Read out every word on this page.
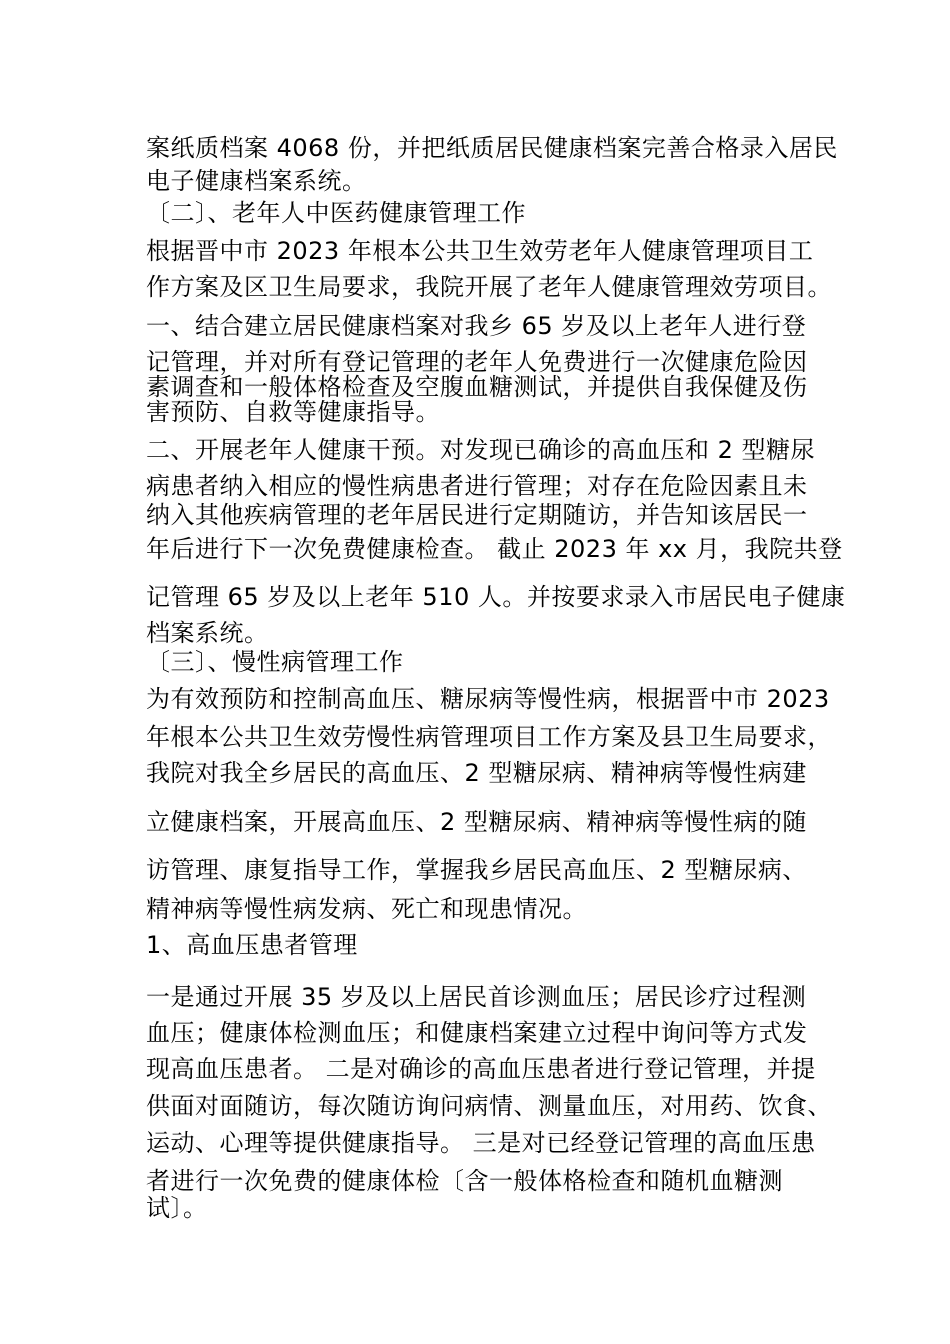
案纸质档案 4068 份，并把纸质居民健康档案完善合格录入居民
电子健康档案系统。
〔二〕、老年人中医药健康管理工作
根据晋中市 2023 年根本公共卫生效劳老年人健康管理项目工
作方案及区卫生局要求，我院开展了老年人健康管理效劳项目。
一、结合建立居民健康档案对我乡 65 岁及以上老年人进行登
记管理，并对所有登记管理的老年人免费进行一次健康危险因
素调查和一般体格检查及空腹血糖测试，并提供自我保健及伤
害预防、自救等健康指导。
二、开展老年人健康干预。对发现已确诊的高血压和 2 型糖尿
病患者纳入相应的慢性病患者进行管理；对存在危险因素且未
纳入其他疾病管理的老年居民进行定期随访，并告知该居民一
年后进行下一次免费健康检查。 截止 2023 年 xx 月，我院共登
记管理 65 岁及以上老年 510 人。并按要求录入市居民电子健康
档案系统。
〔三〕、慢性病管理工作
为有效预防和控制高血压、糖尿病等慢性病，根据晋中市 2023
年根本公共卫生效劳慢性病管理项目工作方案及县卫生局要求，
我院对我全乡居民的高血压、2 型糖尿病、精神病等慢性病建
立健康档案，开展高血压、2 型糖尿病、精神病等慢性病的随
访管理、康复指导工作，掌握我乡居民高血压、2 型糖尿病、
精神病等慢性病发病、死亡和现患情况。
1、高血压患者管理
一是通过开展 35 岁及以上居民首诊测血压；居民诊疗过程测
血压；健康体检测血压；和健康档案建立过程中询问等方式发
现高血压患者。 二是对确诊的高血压患者进行登记管理，并提
供面对面随访，每次随访询问病情、测量血压，对用药、饮食、
运动、心理等提供健康指导。 三是对已经登记管理的高血压患
者进行一次免费的健康体检〔含一般体格检查和随机血糖测
试〕。
